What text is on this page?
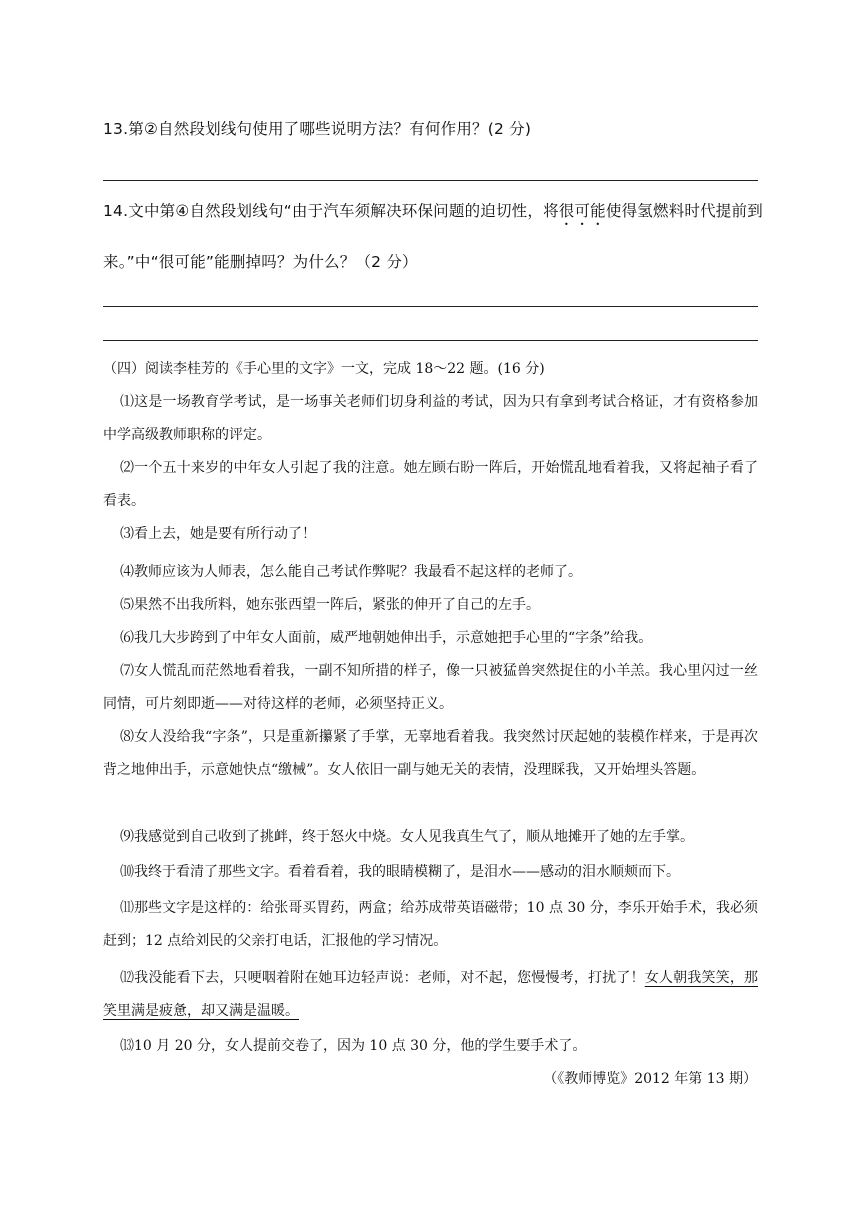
13.第②自然段划线句使用了哪些说明方法？有何作用？(2 分)
14.文中第④自然段划线句“由于汽车须解决环保问题的迫切性，将很可能使得氢燃料时代提前到
来。”中“很可能”能删掉吗？为什么？（2 分）
（四）阅读李桂芳的《手心里的文字》一文，完成 18～22 题。(16 分)
⑴这是一场教育学考试，是一场事关老师们切身利益的考试，因为只有拿到考试合格证，才有资格参加中学高级教师职称的评定。
⑵一个五十来岁的中年女人引起了我的注意。她左顾右盼一阵后，开始慌乱地看着我，又将起袖子看了看表。
⑶看上去，她是要有所行动了！
⑷教师应该为人师表，怎么能自己考试作弊呢？我最看不起这样的老师了。
⑸果然不出我所料，她东张西望一阵后，紧张的伸开了自己的左手。
⑹我几大步跨到了中年女人面前，威严地朝她伸出手，示意她把手心里的“字条”给我。
⑺女人慌乱而茫然地看着我，一副不知所措的样子，像一只被猛兽突然捉住的小羊羔。我心里闪过一丝同情，可片刻即逝——对待这样的老师，必须坚持正义。
⑻女人没给我“字条”，只是重新攥紧了手掌，无辜地看着我。我突然讨厌起她的装模作样来，于是再次背之地伸出手，示意她快点“缴械”。女人依旧一副与她无关的表情，没理睬我，又开始埋头答题。
⑼我感觉到自己收到了挑衅，终于怒火中烧。女人见我真生气了，顺从地摊开了她的左手掌。
⑽我终于看清了那些文字。看着看着，我的眼睛模糊了，是泪水——感动的泪水顺颊而下。
⑾那些文字是这样的：给张哥买胃药，两盒；给苏成带英语磁带；10 点 30 分，李乐开始手术，我必须赶到；12 点给刘民的父亲打电话，汇报他的学习情况。
⑿我没能看下去，只哽咽着附在她耳边轻声说：老师，对不起，您慢慢考，打扰了！女人朝我笑笑，那笑里满是疲惫，却又满是温暖。
⒀10 月 20 分，女人提前交卷了，因为 10 点 30 分，他的学生要手术了。
（《教师博览》2012 年第 13 期）
